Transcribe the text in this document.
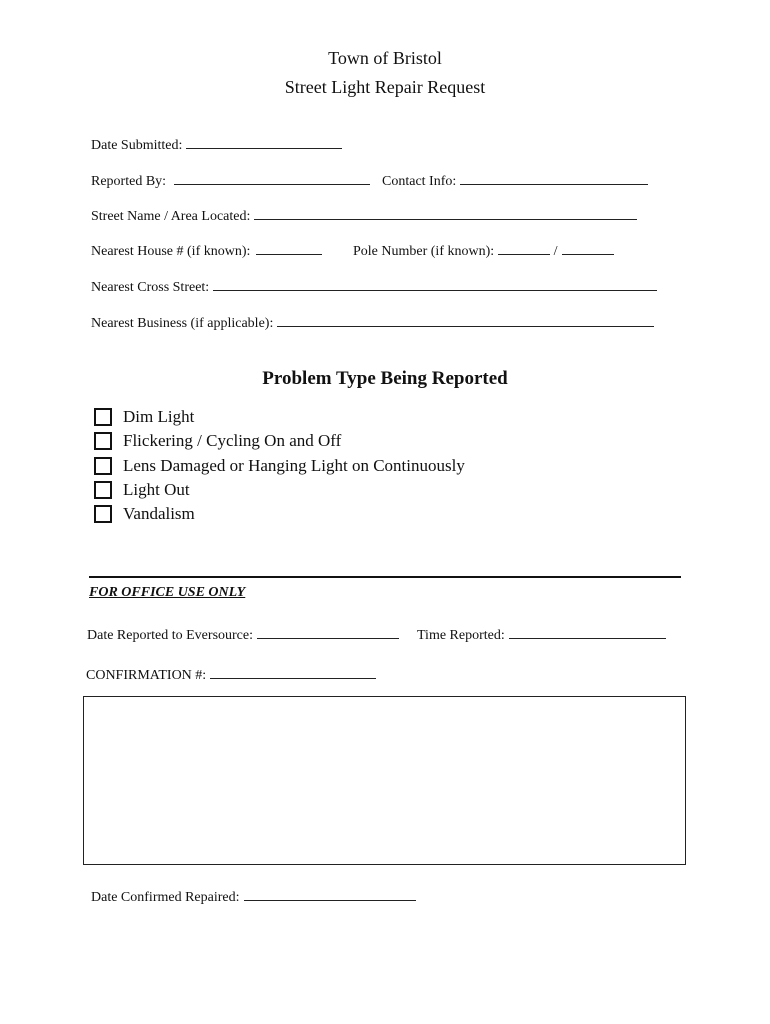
Town of Bristol
Street Light Repair Request
Date Submitted:
Reported By:	Contact Info:
Street Name / Area Located:
Nearest House # (if known):	Pole Number (if known):	/
Nearest Cross Street:
Nearest Business (if applicable):
Problem Type Being Reported
Dim Light
Flickering / Cycling On and Off
Lens Damaged or Hanging Light on Continuously
Light Out
Vandalism
FOR OFFICE USE ONLY
Date Reported to Eversource:	Time Reported:
CONFIRMATION #:
Date Confirmed Repaired:
